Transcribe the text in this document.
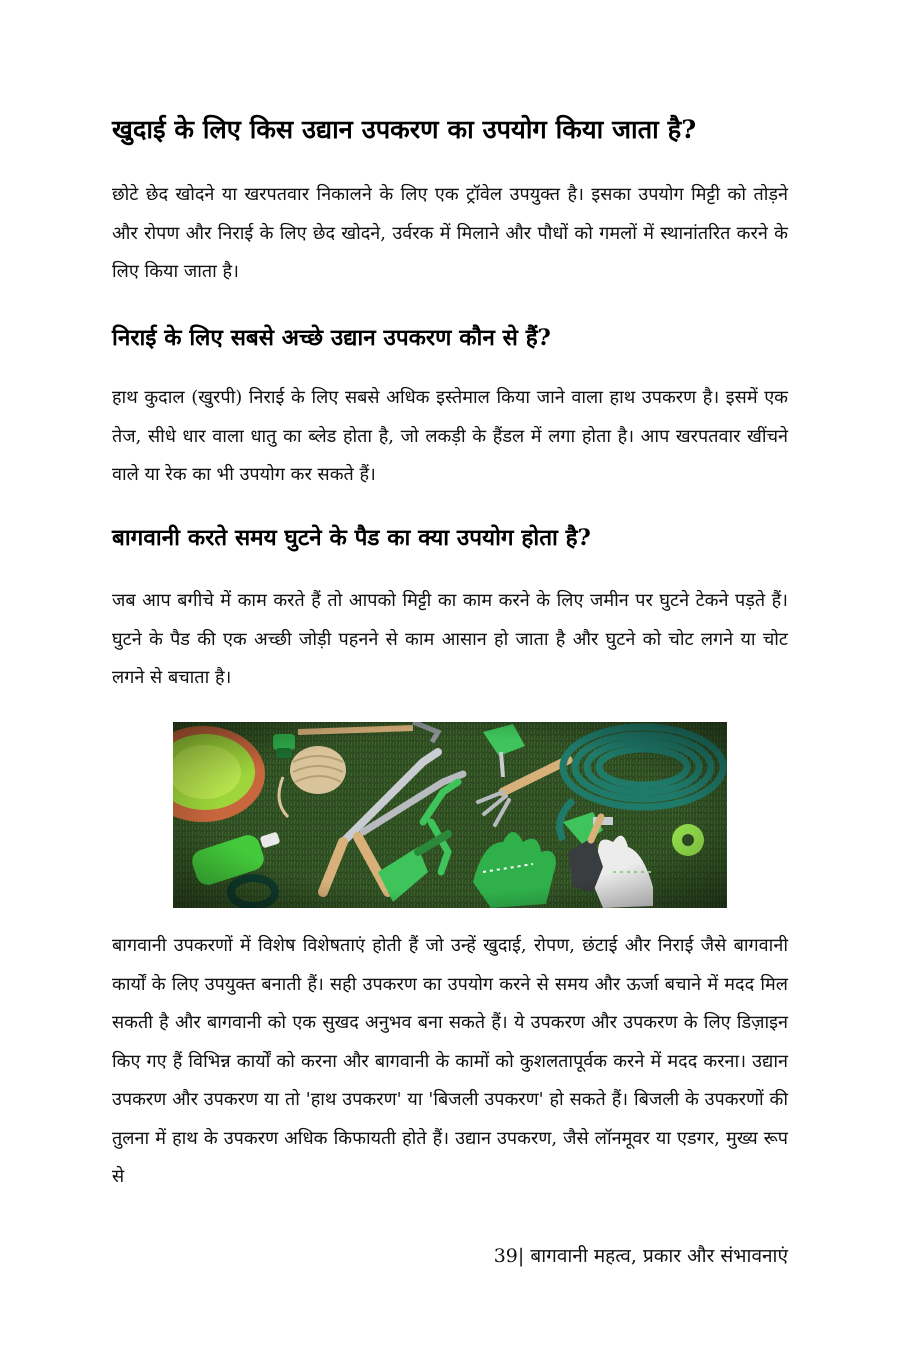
खुदाई के लिए किस उद्यान उपकरण का उपयोग किया जाता है?

छोटे छेद खोदने या खरपतवार निकालने के लिए एक ट्रॉवेल उपयुक्त है। इसका उपयोग मिट्टी को तोड़ने और रोपण और निराई के लिए छेद खोदने, उर्वरक में मिलाने और पौधों को गमलों में स्थानांतरित करने के लिए किया जाता है।

निराई के लिए सबसे अच्छे उद्यान उपकरण कौन से हैं?

हाथ कुदाल (खुरपी) निराई के लिए सबसे अधिक इस्तेमाल किया जाने वाला हाथ उपकरण है। इसमें एक तेज, सीधे धार वाला धातु का ब्लेड होता है, जो लकड़ी के हैंडल में लगा होता है। आप खरपतवार खींचने वाले या रेक का भी उपयोग कर सकते हैं।

बागवानी करते समय घुटने के पैड का क्या उपयोग होता है?

जब आप बगीचे में काम करते हैं तो आपको मिट्टी का काम करने के लिए जमीन पर घुटने टेकने पड़ते हैं। घुटने के पैड की एक अच्छी जोड़ी पहनने से काम आसान हो जाता है और घुटने को चोट लगने या चोट लगने से बचाता है।

बागवानी उपकरणों में विशेष विशेषताएं होती हैं जो उन्हें खुदाई, रोपण, छंटाई और निराई जैसे बागवानी कार्यों के लिए उपयुक्त बनाती हैं। सही उपकरण का उपयोग करने से समय और ऊर्जा बचाने में मदद मिल सकती है और बागवानी को एक सुखद अनुभव बना सकते हैं। ये उपकरण और उपकरण के लिए डिज़ाइन किए गए हैं विभिन्न कार्यों को करना और बागवानी के कामों को कुशलतापूर्वक करने में मदद करना। उद्यान उपकरण और उपकरण या तो 'हाथ उपकरण' या 'बिजली उपकरण' हो सकते हैं। बिजली के उपकरणों की तुलना में हाथ के उपकरण अधिक किफायती होते हैं। उद्यान उपकरण, जैसे लॉनमूवर या एडगर, मुख्य रूप से

39| बागवानी महत्व, प्रकार और संभावनाएं
